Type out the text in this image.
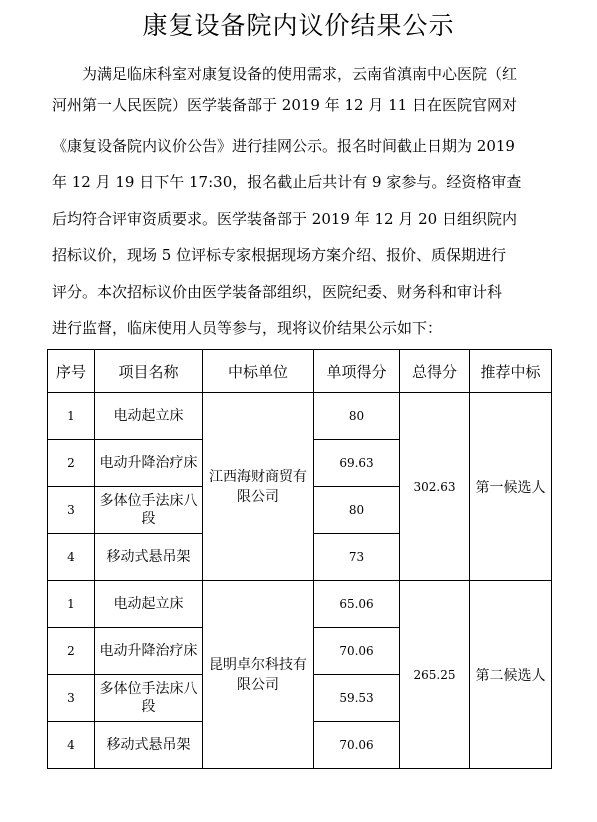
康复设备院内议价结果公示
为满足临床科室对康复设备的使用需求，云南省滇南中心医院（红
河州第一人民医院）医学装备部于 2019 年 12 月 11 日在医院官网对
《康复设备院内议价公告》进行挂网公示。报名时间截止日期为 2019
年 12 月 19 日下午 17:30，报名截止后共计有 9 家参与。经资格审查
后均符合评审资质要求。医学装备部于 2019 年 12 月 20 日组织院内
招标议价，现场 5 位评标专家根据现场方案介绍、报价、质保期进行
评分。本次招标议价由医学装备部组织，医院纪委、财务科和审计科
进行监督，临床使用人员等参与，现将议价结果公示如下：
序号	项目名称	中标单位	单项得分	总得分	推荐中标
1	电动起立床	江西海财商贸有限公司	80	302.63	第一候选人
2	电动升降治疗床		69.63		
3	多体位手法床八段		80		
4	移动式悬吊架		73		
1	电动起立床	昆明卓尔科技有限公司	65.06	265.25	第二候选人
2	电动升降治疗床		70.06		
3	多体位手法床八段		59.53		
4	移动式悬吊架		70.06		
